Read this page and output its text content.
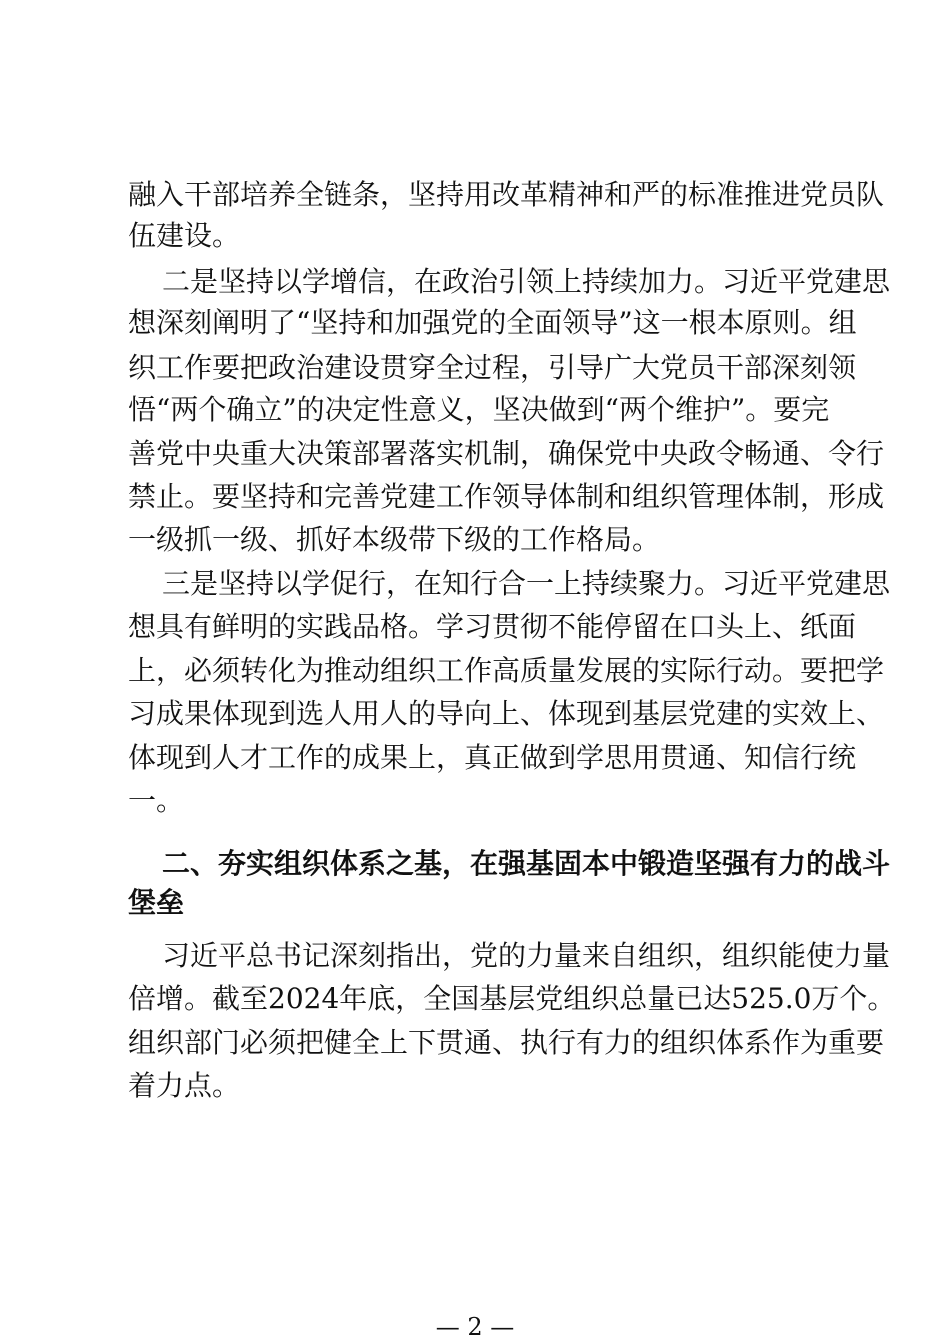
融入干部培养全链条，坚持用改革精神和严的标准推进党员队
伍建设。
二是坚持以学增信，在政治引领上持续加力。习近平党建思
想深刻阐明了“坚持和加强党的全面领导”这一根本原则。组
织工作要把政治建设贯穿全过程，引导广大党员干部深刻领
悟“两个确立”的决定性意义，坚决做到“两个维护”。要完
善党中央重大决策部署落实机制，确保党中央政令畅通、令行
禁止。要坚持和完善党建工作领导体制和组织管理体制，形成
一级抓一级、抓好本级带下级的工作格局。
三是坚持以学促行，在知行合一上持续聚力。习近平党建思
想具有鲜明的实践品格。学习贯彻不能停留在口头上、纸面
上，必须转化为推动组织工作高质量发展的实际行动。要把学
习成果体现到选人用人的导向上、体现到基层党建的实效上、
体现到人才工作的成果上，真正做到学思用贯通、知信行统
一。
二、夯实组织体系之基，在强基固本中锻造坚强有力的战斗
堡垒
习近平总书记深刻指出，党的力量来自组织，组织能使力量
倍增。截至2024年底，全国基层党组织总量已达525.0万个。
组织部门必须把健全上下贯通、执行有力的组织体系作为重要
着力点。
— 2 —
